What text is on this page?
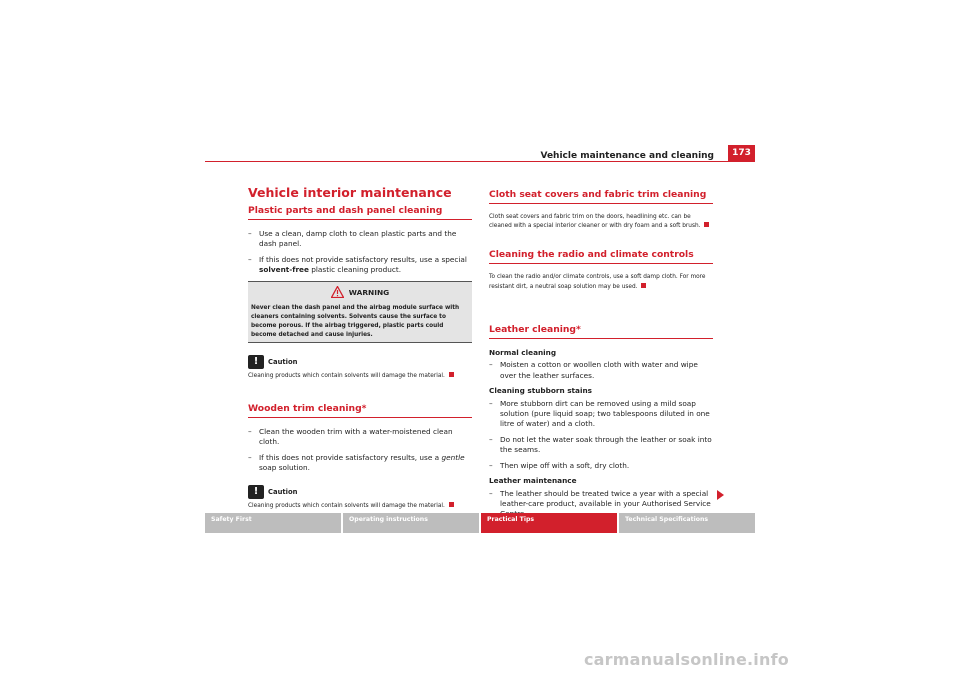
Vehicle maintenance and cleaning	173
Vehicle interior maintenance
Plastic parts and dash panel cleaning
– Use a clean, damp cloth to clean plastic parts and the dash panel.
– If this does not provide satisfactory results, use a special solvent-free plastic cleaning product.
WARNING
Never clean the dash panel and the airbag module surface with cleaners containing solvents. Solvents cause the surface to become porous. If the airbag triggered, plastic parts could become detached and cause injuries.
!	Caution

Cleaning products which contain solvents will damage the material.

Wooden trim cleaning*
– Clean the wooden trim with a water-moistened clean cloth.
– If this does not provide satisfactory results, use a gentle soap solution.
!	Caution

Cleaning products which contain solvents will damage the material.

Cloth seat covers and fabric trim cleaning

Cloth seat covers and fabric trim on the doors, headlining etc. can be cleaned with a special interior cleaner or with dry foam and a soft brush.

Cleaning the radio and climate controls

To clean the radio and/or climate controls, use a soft damp cloth. For more resistant dirt, a neutral soap solution may be used.

Leather cleaning*
Normal cleaning
– Moisten a cotton or woollen cloth with water and wipe over the leather surfaces.
Cleaning stubborn stains
– More stubborn dirt can be removed using a mild soap solution (pure liquid soap; two tablespoons diluted in one litre of water) and a cloth.
– Do not let the water soak through the leather or soak into the seams.
– Then wipe off with a soft, dry cloth.
Leather maintenance
– The leather should be treated twice a year with a special leather-care product, available in your Authorised Service
Safety First	Operating instructions	Practical Tips	Technical Specifications
carmanualsonline.info
